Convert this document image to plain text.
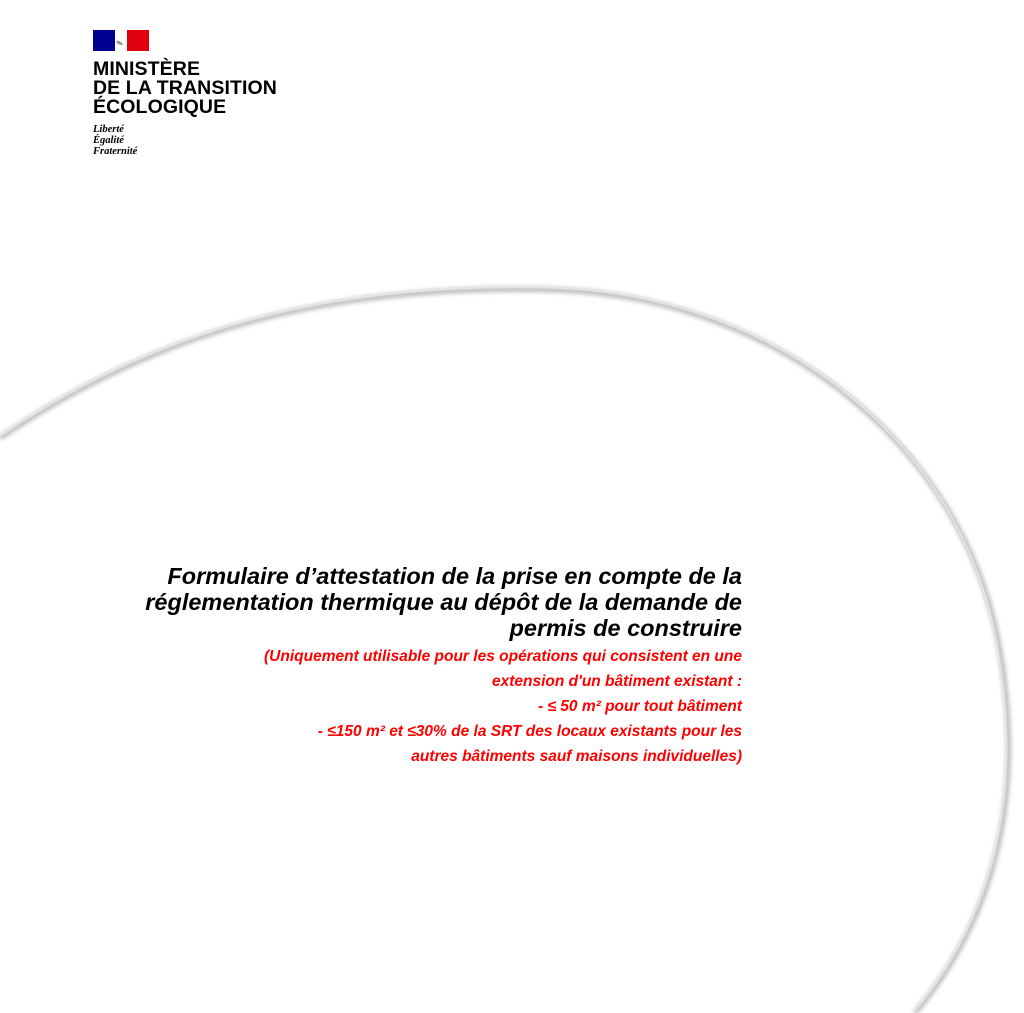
MINISTÈRE
DE LA TRANSITION
ÉCOLOGIQUE
Liberté
Égalité
Fraternité
Formulaire d’attestation de la prise en compte de la
réglementation thermique au dépôt de la demande de
permis de construire
(Uniquement utilisable pour les opérations qui consistent en une
extension d'un bâtiment existant :
- ≤ 50 m² pour tout bâtiment
- ≤150 m² et ≤30% de la SRT des locaux existants pour les
autres bâtiments sauf maisons individuelles)
